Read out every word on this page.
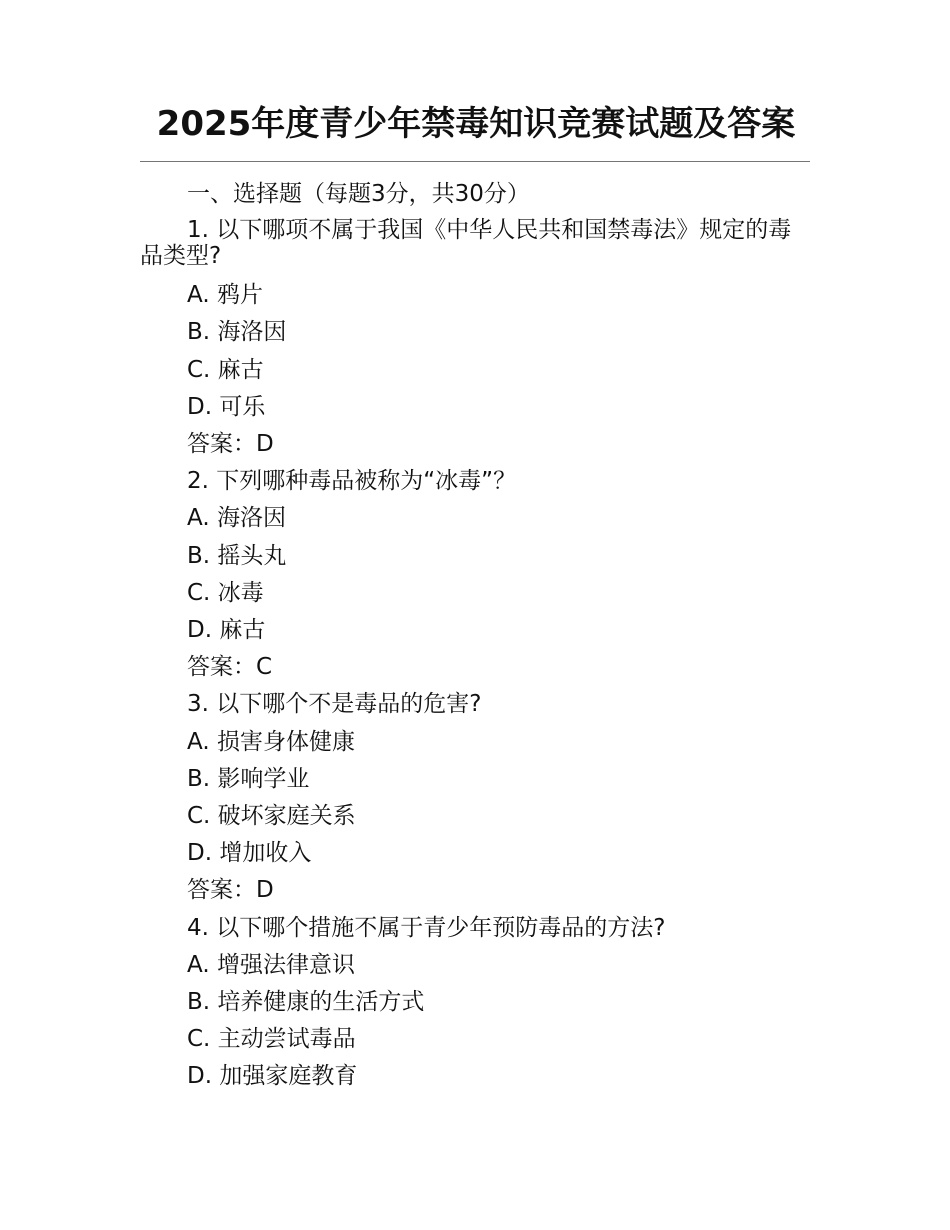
2025年度青少年禁毒知识竞赛试题及答案
一、选择题（每题3分，共30分）
1. 以下哪项不属于我国《中华人民共和国禁毒法》规定的毒品类型?
A. 鸦片
B. 海洛因
C. 麻古
D. 可乐
答案：D
2. 下列哪种毒品被称为“冰毒”？
A. 海洛因
B. 摇头丸
C. 冰毒
D. 麻古
答案：C
3. 以下哪个不是毒品的危害?
A. 损害身体健康
B. 影响学业
C. 破坏家庭关系
D. 增加收入
答案：D
4. 以下哪个措施不属于青少年预防毒品的方法?
A. 增强法律意识
B. 培养健康的生活方式
C. 主动尝试毒品
D. 加强家庭教育
